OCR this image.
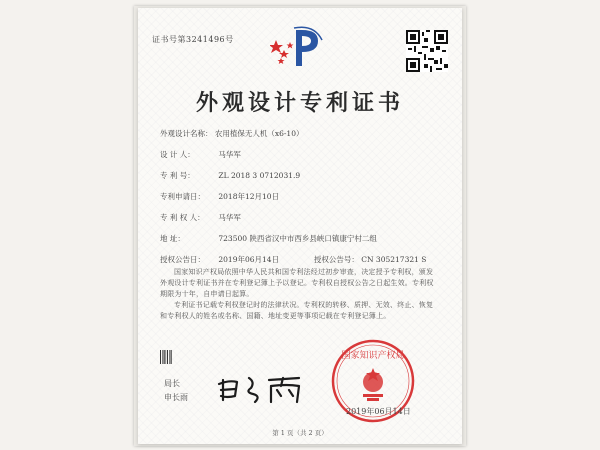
证书号第3241496号
外观设计专利证书
外观设计名称： 农用植保无人机（x6-10）
设 计 人：	马华军
专 利 号：	ZL 2018 3 0712031.9
专利申请日： 2018年12月10日
专 利 权 人： 马华军
地 址：	723500 陕西省汉中市西乡县峡口镇康宁村二组
授权公告日： 2019年06月14日	授权公告号： CN 305217321 S
国家知识产权局依照中华人民共和国专利法经过初步审查，决定授予专利权，颁发外观设计专利证书并在专利登记簿上予以登记。专利权自授权公告之日起生效。专利权期限为十年，自申请日起算。
专利证书记载专利权登记时的法律状况。专利权的转移、质押、无效、终止、恢复和专利权人的姓名或名称、国籍、地址变更等事项记载在专利登记簿上。
局长
申长雨
国家知识产权局
2019年06月14日
第 1 页（共 2 页）
